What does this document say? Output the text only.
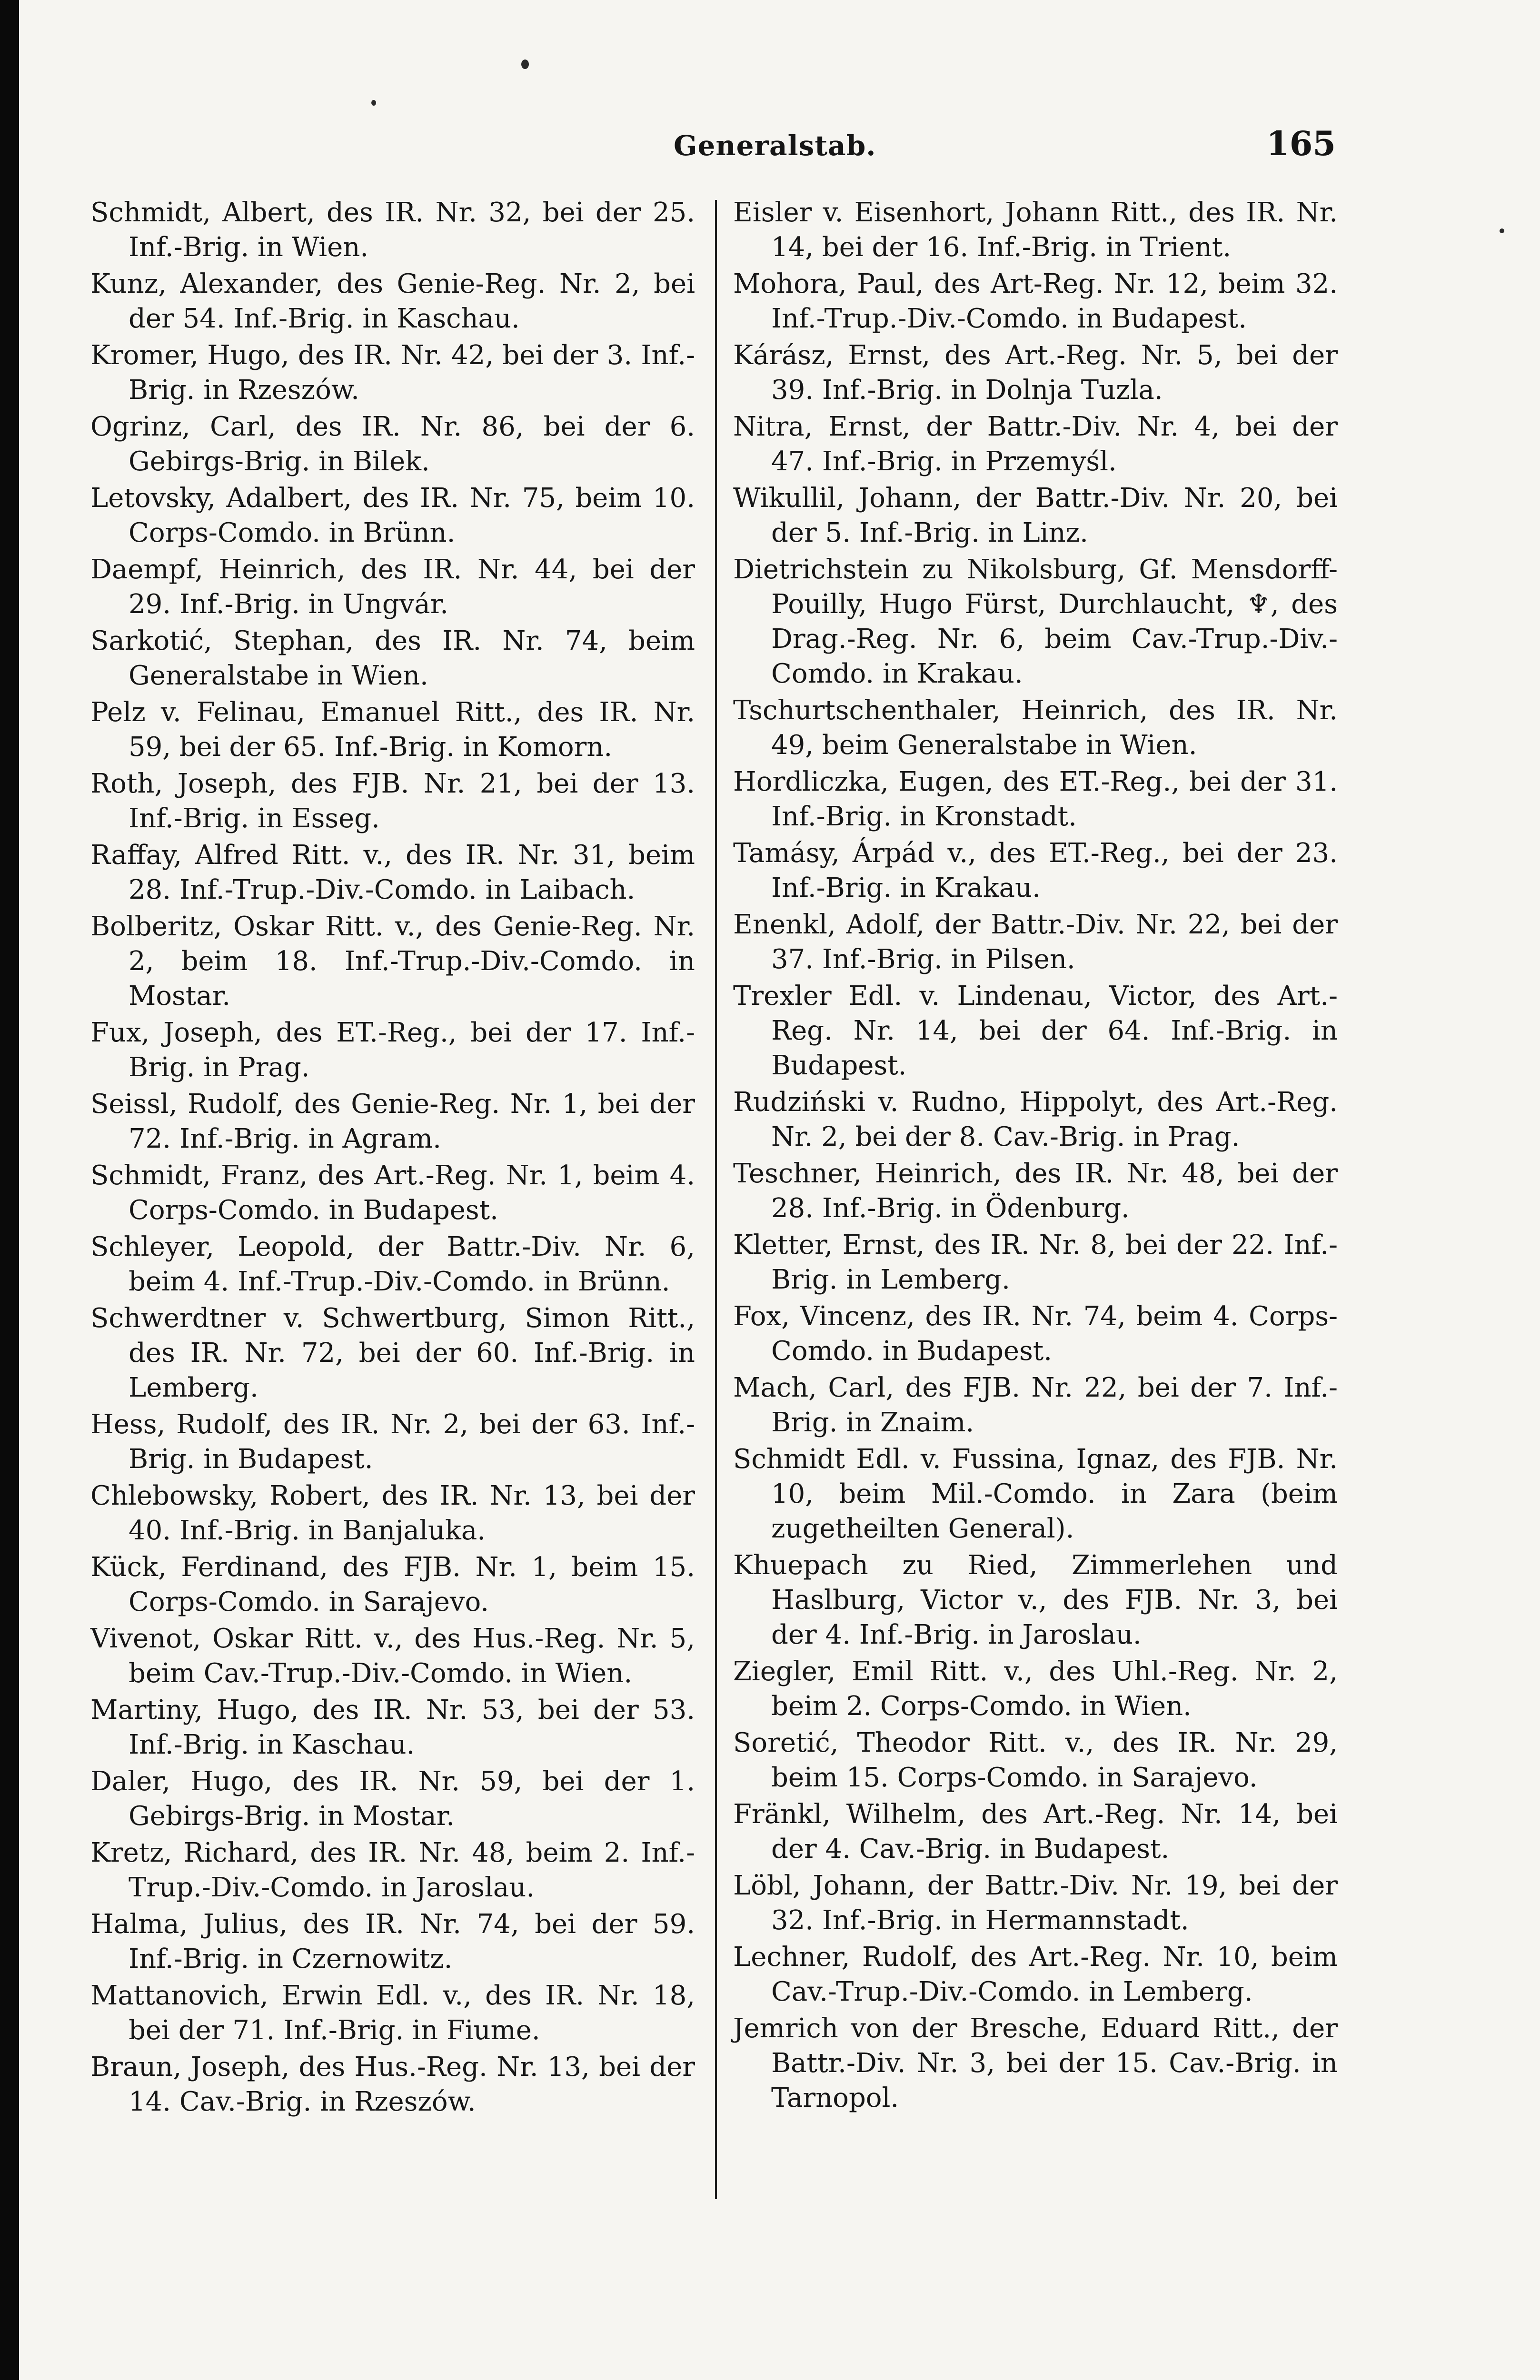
Generalstab.	165
Schmidt, Albert, des IR. Nr. 32, bei der 25. Inf.-Brig. in Wien.
Kunz, Alexander, des Genie-Reg. Nr. 2, bei der 54. Inf.-Brig. in Kaschau.
Kromer, Hugo, des IR. Nr. 42, bei der 3. Inf.-Brig. in Rzeszów.
Ogrinz, Carl, des IR. Nr. 86, bei der 6. Gebirgs-Brig. in Bilek.
Letovsky, Adalbert, des IR. Nr. 75, beim 10. Corps-Comdo. in Brünn.
Daempf, Heinrich, des IR. Nr. 44, bei der 29. Inf.-Brig. in Ungvár.
Sarkotić, Stephan, des IR. Nr. 74, beim Generalstabe in Wien.
Pelz v. Felinau, Emanuel Ritt., des IR. Nr. 59, bei der 65. Inf.-Brig. in Komorn.
Roth, Joseph, des FJB. Nr. 21, bei der 13. Inf.-Brig. in Esseg.
Raffay, Alfred Ritt. v., des IR. Nr. 31, beim 28. Inf.-Trup.-Div.-Comdo. in Laibach.
Bolberitz, Oskar Ritt. v., des Genie-Reg. Nr. 2, beim 18. Inf.-Trup.-Div.-Comdo. in Mostar.
Fux, Joseph, des ET.-Reg., bei der 17. Inf.-Brig. in Prag.
Seissl, Rudolf, des Genie-Reg. Nr. 1, bei der 72. Inf.-Brig. in Agram.
Schmidt, Franz, des Art.-Reg. Nr. 1, beim 4. Corps-Comdo. in Budapest.
Schleyer, Leopold, der Battr.-Div. Nr. 6, beim 4. Inf.-Trup.-Div.-Comdo. in Brünn.
Schwerdtner v. Schwertburg, Simon Ritt., des IR. Nr. 72, bei der 60. Inf.-Brig. in Lemberg.
Hess, Rudolf, des IR. Nr. 2, bei der 63. Inf.-Brig. in Budapest.
Chlebowsky, Robert, des IR. Nr. 13, bei der 40. Inf.-Brig. in Banjaluka.
Kück, Ferdinand, des FJB. Nr. 1, beim 15. Corps-Comdo. in Sarajevo.
Vivenot, Oskar Ritt. v., des Hus.-Reg. Nr. 5, beim Cav.-Trup.-Div.-Comdo. in Wien.
Martiny, Hugo, des IR. Nr. 53, bei der 53. Inf.-Brig. in Kaschau.
Daler, Hugo, des IR. Nr. 59, bei der 1. Gebirgs-Brig. in Mostar.
Kretz, Richard, des IR. Nr. 48, beim 2. Inf.-Trup.-Div.-Comdo. in Jaroslau.
Halma, Julius, des IR. Nr. 74, bei der 59. Inf.-Brig. in Czernowitz.
Mattanovich, Erwin Edl. v., des IR. Nr. 18, bei der 71. Inf.-Brig. in Fiume.
Braun, Joseph, des Hus.-Reg. Nr. 13, bei der 14. Cav.-Brig. in Rzeszów.
Eisler v. Eisenhort, Johann Ritt., des IR. Nr. 14, bei der 16. Inf.-Brig. in Trient.
Mohora, Paul, des Art-Reg. Nr. 12, beim 32. Inf.-Trup.-Div.-Comdo. in Budapest.
Kárász, Ernst, des Art.-Reg. Nr. 5, bei der 39. Inf.-Brig. in Dolnja Tuzla.
Nitra, Ernst, der Battr.-Div. Nr. 4, bei der 47. Inf.-Brig. in Przemyśl.
Wikullil, Johann, der Battr.-Div. Nr. 20, bei der 5. Inf.-Brig. in Linz.
Dietrichstein zu Nikolsburg, Gf. Mensdorff-Pouilly, Hugo Fürst, Durchlaucht, ♆, des Drag.-Reg. Nr. 6, beim Cav.-Trup.-Div.-Comdo. in Krakau.
Tschurtschenthaler, Heinrich, des IR. Nr. 49, beim Generalstabe in Wien.
Hordliczka, Eugen, des ET.-Reg., bei der 31. Inf.-Brig. in Kronstadt.
Tamásy, Árpád v., des ET.-Reg., bei der 23. Inf.-Brig. in Krakau.
Enenkl, Adolf, der Battr.-Div. Nr. 22, bei der 37. Inf.-Brig. in Pilsen.
Trexler Edl. v. Lindenau, Victor, des Art.-Reg. Nr. 14, bei der 64. Inf.-Brig. in Budapest.
Rudziński v. Rudno, Hippolyt, des Art.-Reg. Nr. 2, bei der 8. Cav.-Brig. in Prag.
Teschner, Heinrich, des IR. Nr. 48, bei der 28. Inf.-Brig. in Ödenburg.
Kletter, Ernst, des IR. Nr. 8, bei der 22. Inf.-Brig. in Lemberg.
Fox, Vincenz, des IR. Nr. 74, beim 4. Corps-Comdo. in Budapest.
Mach, Carl, des FJB. Nr. 22, bei der 7. Inf.-Brig. in Znaim.
Schmidt Edl. v. Fussina, Ignaz, des FJB. Nr. 10, beim Mil.-Comdo. in Zara (beim zugetheilten General).
Khuepach zu Ried, Zimmerlehen und Haslburg, Victor v., des FJB. Nr. 3, bei der 4. Inf.-Brig. in Jaroslau.
Ziegler, Emil Ritt. v., des Uhl.-Reg. Nr. 2, beim 2. Corps-Comdo. in Wien.
Soretić, Theodor Ritt. v., des IR. Nr. 29, beim 15. Corps-Comdo. in Sarajevo.
Fränkl, Wilhelm, des Art.-Reg. Nr. 14, bei der 4. Cav.-Brig. in Budapest.
Löbl, Johann, der Battr.-Div. Nr. 19, bei der 32. Inf.-Brig. in Hermannstadt.
Lechner, Rudolf, des Art.-Reg. Nr. 10, beim Cav.-Trup.-Div.-Comdo. in Lemberg.
Jemrich von der Bresche, Eduard Ritt., der Battr.-Div. Nr. 3, bei der 15. Cav.-Brig. in Tarnopol.
